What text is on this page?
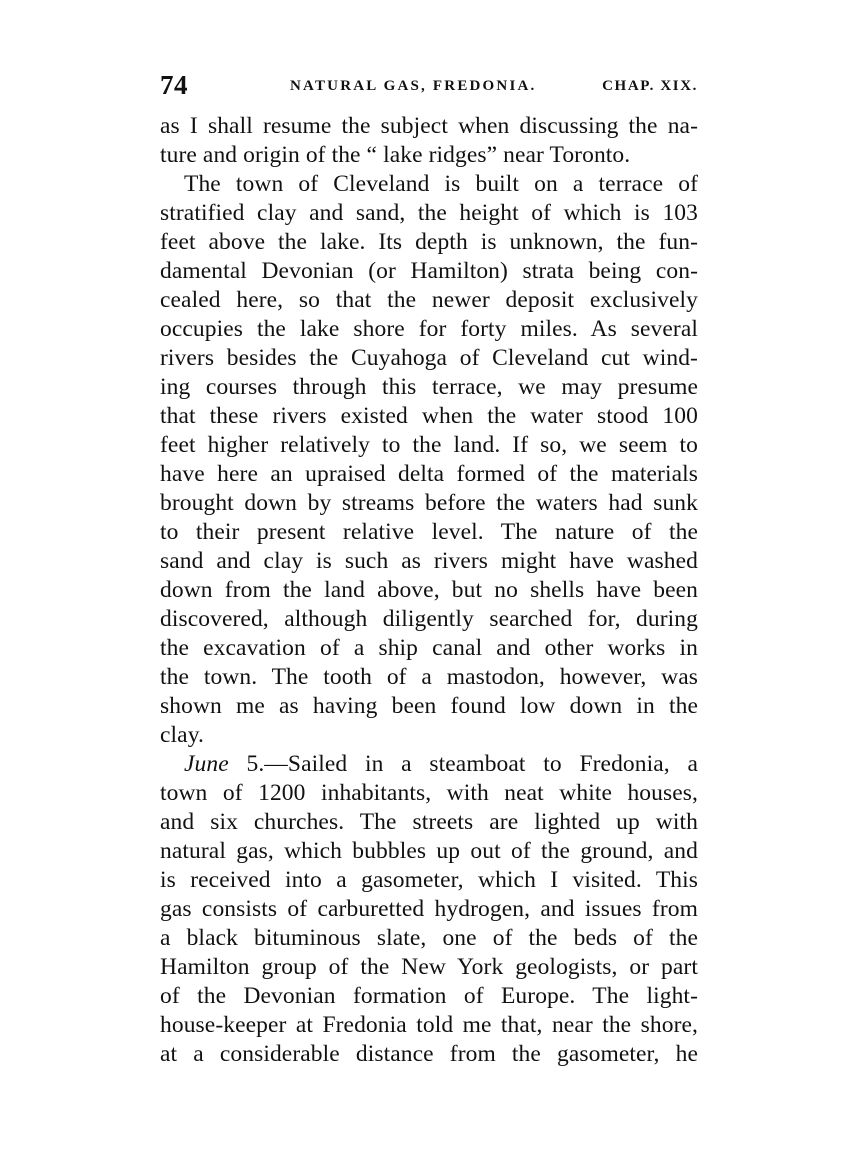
74	NATURAL GAS, FREDONIA.	CHAP. XIX.
as I shall resume the subject when discussing the na-
ture and origin of the “ lake ridges” near Toronto.
The town of Cleveland is built on a terrace of
stratified clay and sand, the height of which is 103
feet above the lake. Its depth is unknown, the fun-
damental Devonian (or Hamilton) strata being con-
cealed here, so that the newer deposit exclusively
occupies the lake shore for forty miles. As several
rivers besides the Cuyahoga of Cleveland cut wind-
ing courses through this terrace, we may presume
that these rivers existed when the water stood 100
feet higher relatively to the land. If so, we seem to
have here an upraised delta formed of the materials
brought down by streams before the waters had sunk
to their present relative level. The nature of the
sand and clay is such as rivers might have washed
down from the land above, but no shells have been
discovered, although diligently searched for, during
the excavation of a ship canal and other works in
the town. The tooth of a mastodon, however, was
shown me as having been found low down in the
clay.
June 5.—Sailed in a steamboat to Fredonia, a
town of 1200 inhabitants, with neat white houses,
and six churches. The streets are lighted up with
natural gas, which bubbles up out of the ground, and
is received into a gasometer, which I visited. This
gas consists of carburetted hydrogen, and issues from
a black bituminous slate, one of the beds of the
Hamilton group of the New York geologists, or part
of the Devonian formation of Europe. The light-
house-keeper at Fredonia told me that, near the shore,
at a considerable distance from the gasometer, he
